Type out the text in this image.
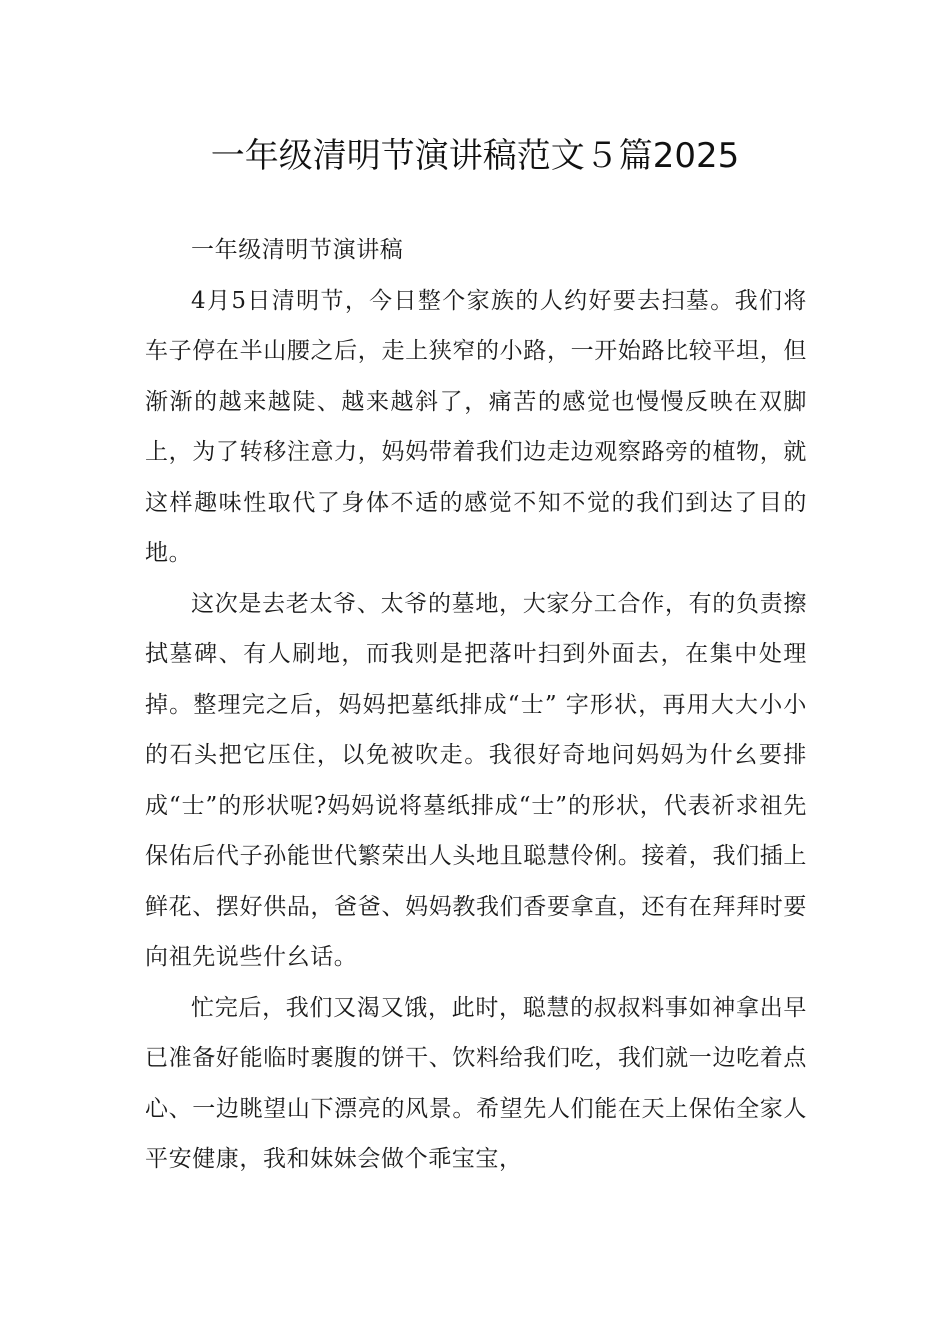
一年级清明节演讲稿范文５篇2025

一年级清明节演讲稿

4月5日清明节，今日整个家族的人约好要去扫墓。我们将车子停在半山腰之后，走上狭窄的小路，一开始路比较平坦，但渐渐的越来越陡、越来越斜了，痛苦的感觉也慢慢反映在双脚上，为了转移注意力，妈妈带着我们边走边观察路旁的植物，就这样趣味性取代了身体不适的感觉不知不觉的我们到达了目的地。

这次是去老太爷、太爷的墓地，大家分工合作，有的负责擦拭墓碑、有人刷地，而我则是把落叶扫到外面去，在集中处理掉。整理完之后，妈妈把墓纸排成“士” 字形状，再用大大小小的石头把它压住，以免被吹走。我很好奇地问妈妈为什幺要排成“士”的形状呢?妈妈说将墓纸排成“士”的形状，代表祈求祖先保佑后代子孙能世代繁荣出人头地且聪慧伶俐。接着，我们插上鲜花、摆好供品，爸爸、妈妈教我们香要拿直，还有在拜拜时要向祖先说些什幺话。

忙完后，我们又渴又饿，此时，聪慧的叔叔料事如神拿出早已准备好能临时裹腹的饼干、饮料给我们吃，我们就一边吃着点心、一边眺望山下漂亮的风景。希望先人们能在天上保佑全家人平安健康，我和妹妹会做个乖宝宝，
